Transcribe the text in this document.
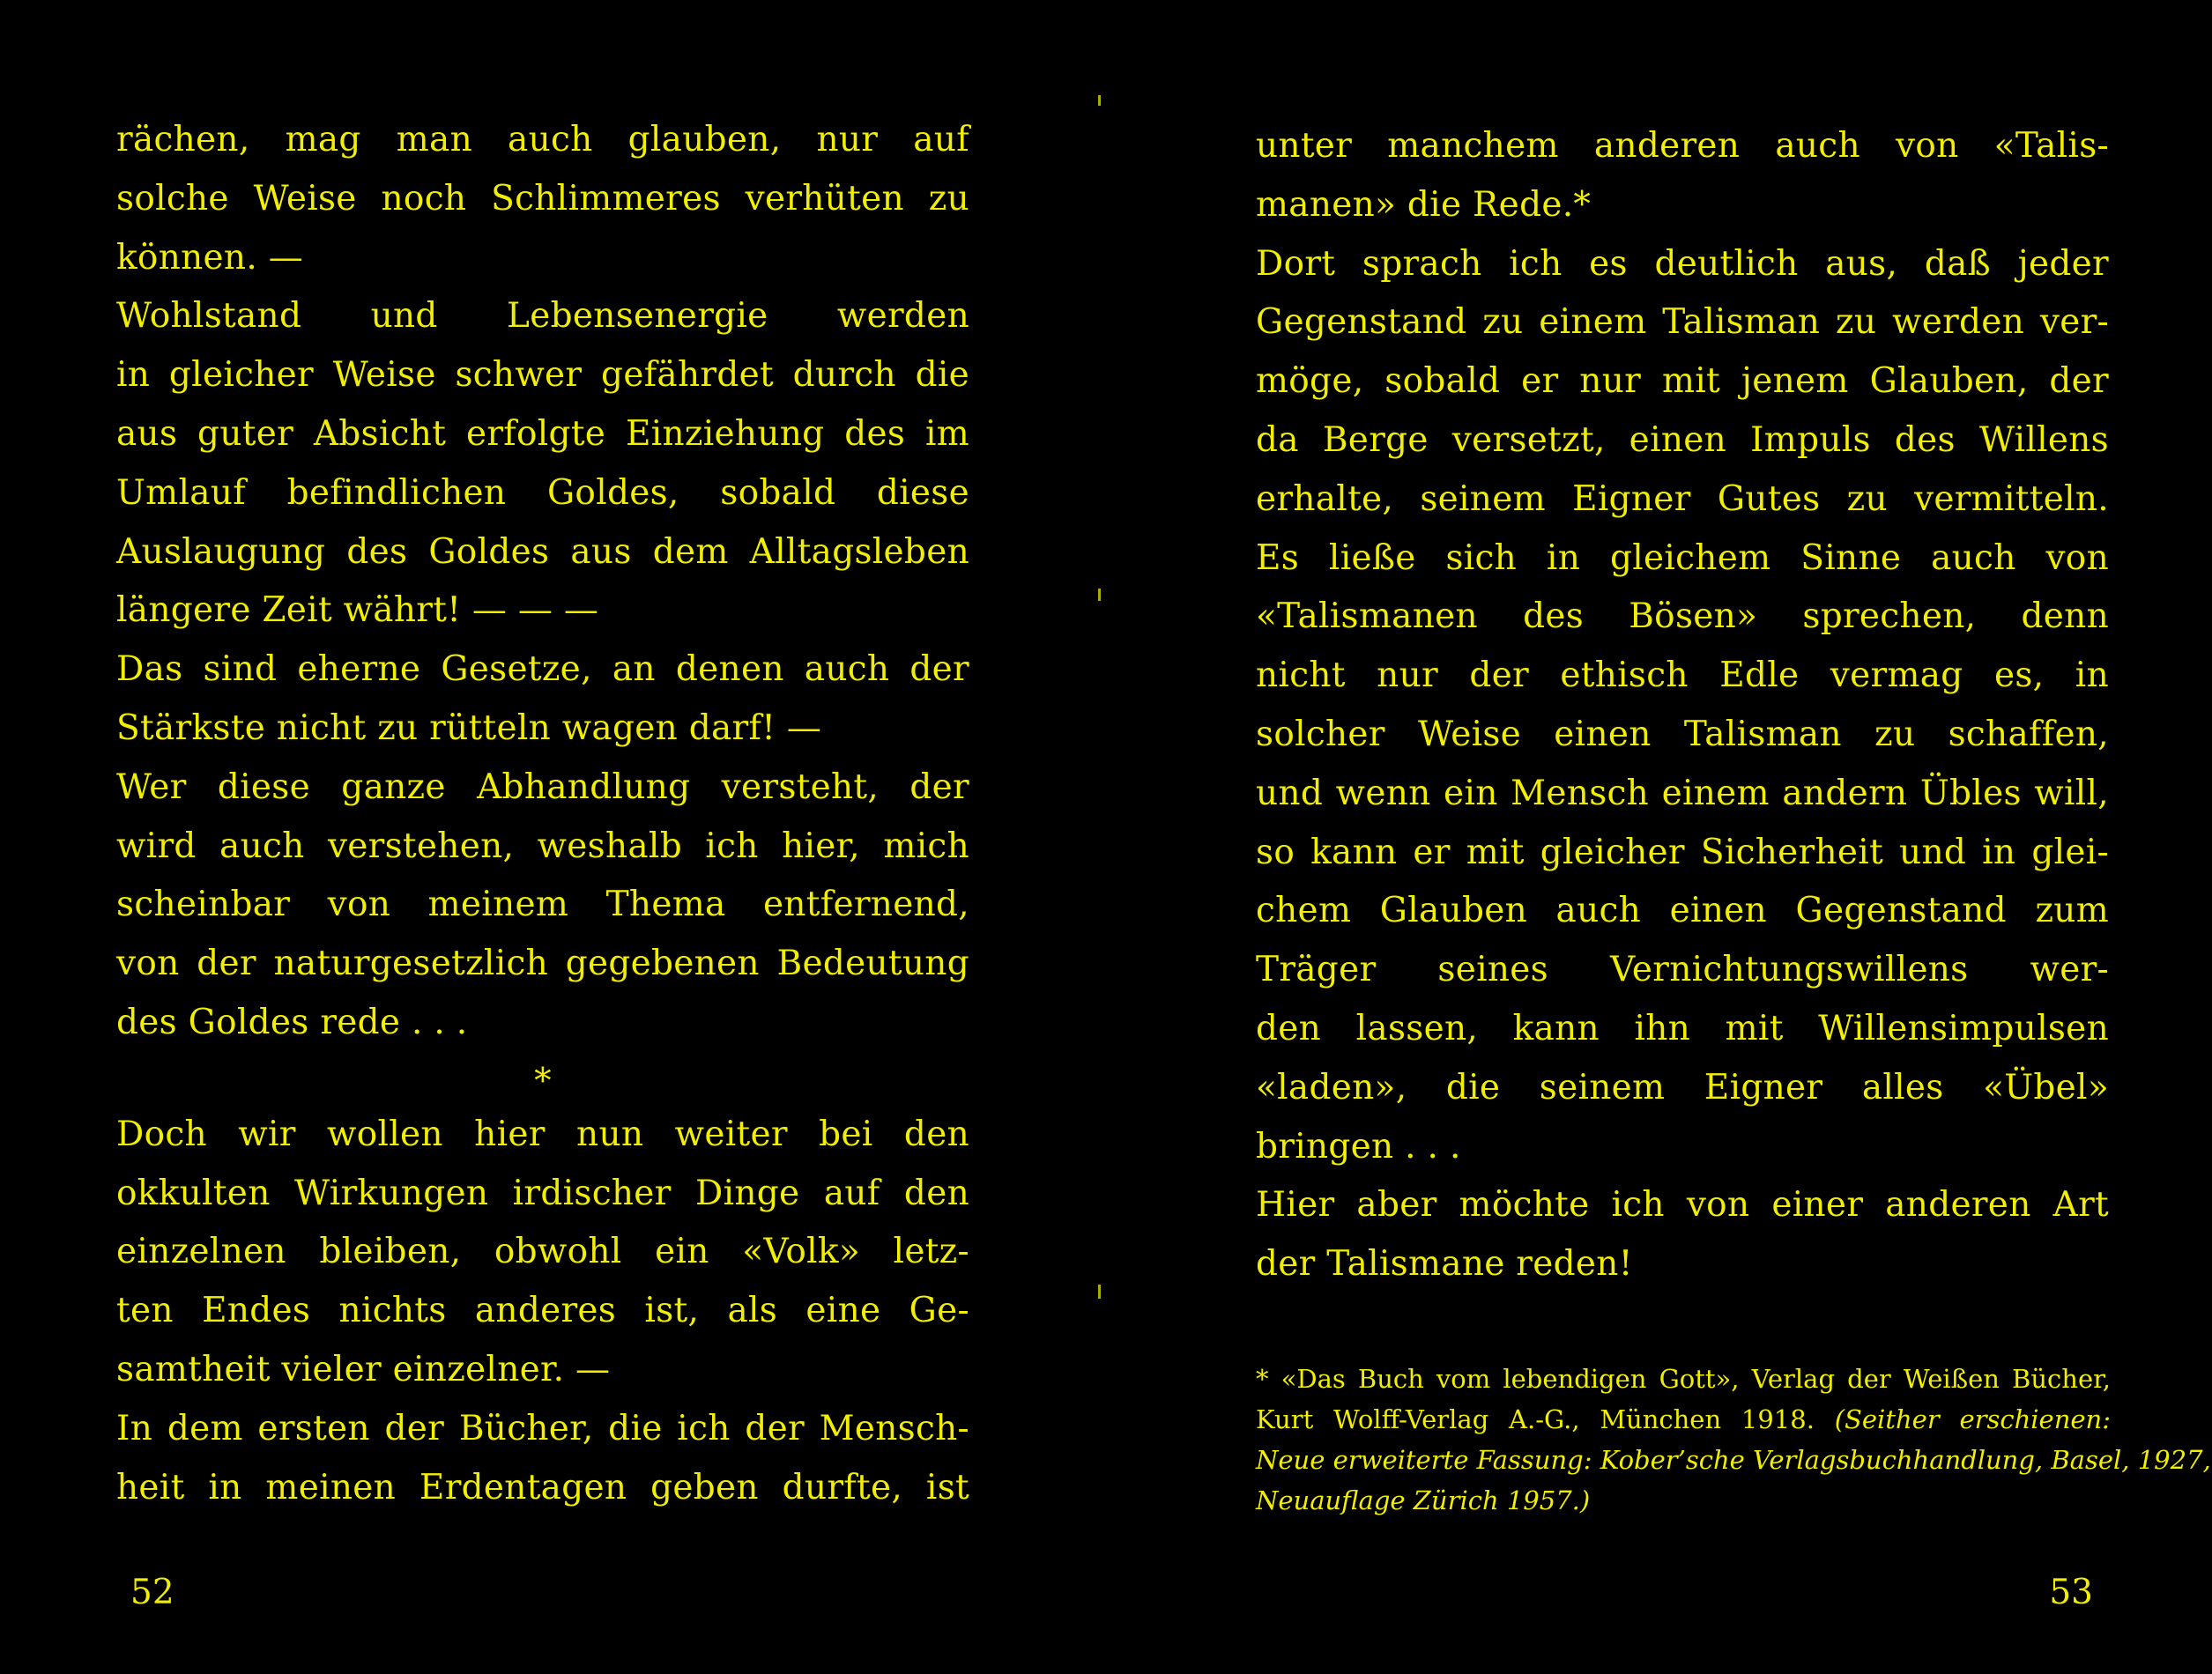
rächen, mag man auch glauben, nur auf
solche Weise noch Schlimmeres verhüten zu
können. —
Wohlstand und Lebensenergie werden
in gleicher Weise schwer gefährdet durch die
aus guter Absicht erfolgte Einziehung des im
Umlauf befindlichen Goldes, sobald diese
Auslaugung des Goldes aus dem Alltagsleben
längere Zeit währt! — — —
Das sind eherne Gesetze, an denen auch der
Stärkste nicht zu rütteln wagen darf! —
Wer diese ganze Abhandlung versteht, der
wird auch verstehen, weshalb ich hier, mich
scheinbar von meinem Thema entfernend,
von der naturgesetzlich gegebenen Bedeutung
des Goldes rede . . .
*
Doch wir wollen hier nun weiter bei den
okkulten Wirkungen irdischer Dinge auf den
einzelnen bleiben, obwohl ein «Volk» letz-
ten Endes nichts anderes ist, als eine Ge-
samtheit vieler einzelner. —
In dem ersten der Bücher, die ich der Mensch-
heit in meinen Erdentagen geben durfte, ist
52
unter manchem anderen auch von «Talis-
manen» die Rede.*
Dort sprach ich es deutlich aus, daß jeder
Gegenstand zu einem Talisman zu werden ver-
möge, sobald er nur mit jenem Glauben, der
da Berge versetzt, einen Impuls des Willens
erhalte, seinem Eigner Gutes zu vermitteln.
Es ließe sich in gleichem Sinne auch von
«Talismanen des Bösen» sprechen, denn
nicht nur der ethisch Edle vermag es, in
solcher Weise einen Talisman zu schaffen,
und wenn ein Mensch einem andern Übles will,
so kann er mit gleicher Sicherheit und in glei-
chem Glauben auch einen Gegenstand zum
Träger seines Vernichtungswillens wer-
den lassen, kann ihn mit Willensimpulsen
«laden», die seinem Eigner alles «Übel»
bringen . . .
Hier aber möchte ich von einer anderen Art
der Talismane reden!
* «Das Buch vom lebendigen Gott», Verlag der Weißen Bücher,
Kurt Wolff-Verlag A.-G., München 1918. (Seither erschienen:
Neue erweiterte Fassung: Kober’sche Verlagsbuchhandlung, Basel, 1927,
Neuauflage Zürich 1957.)
53
